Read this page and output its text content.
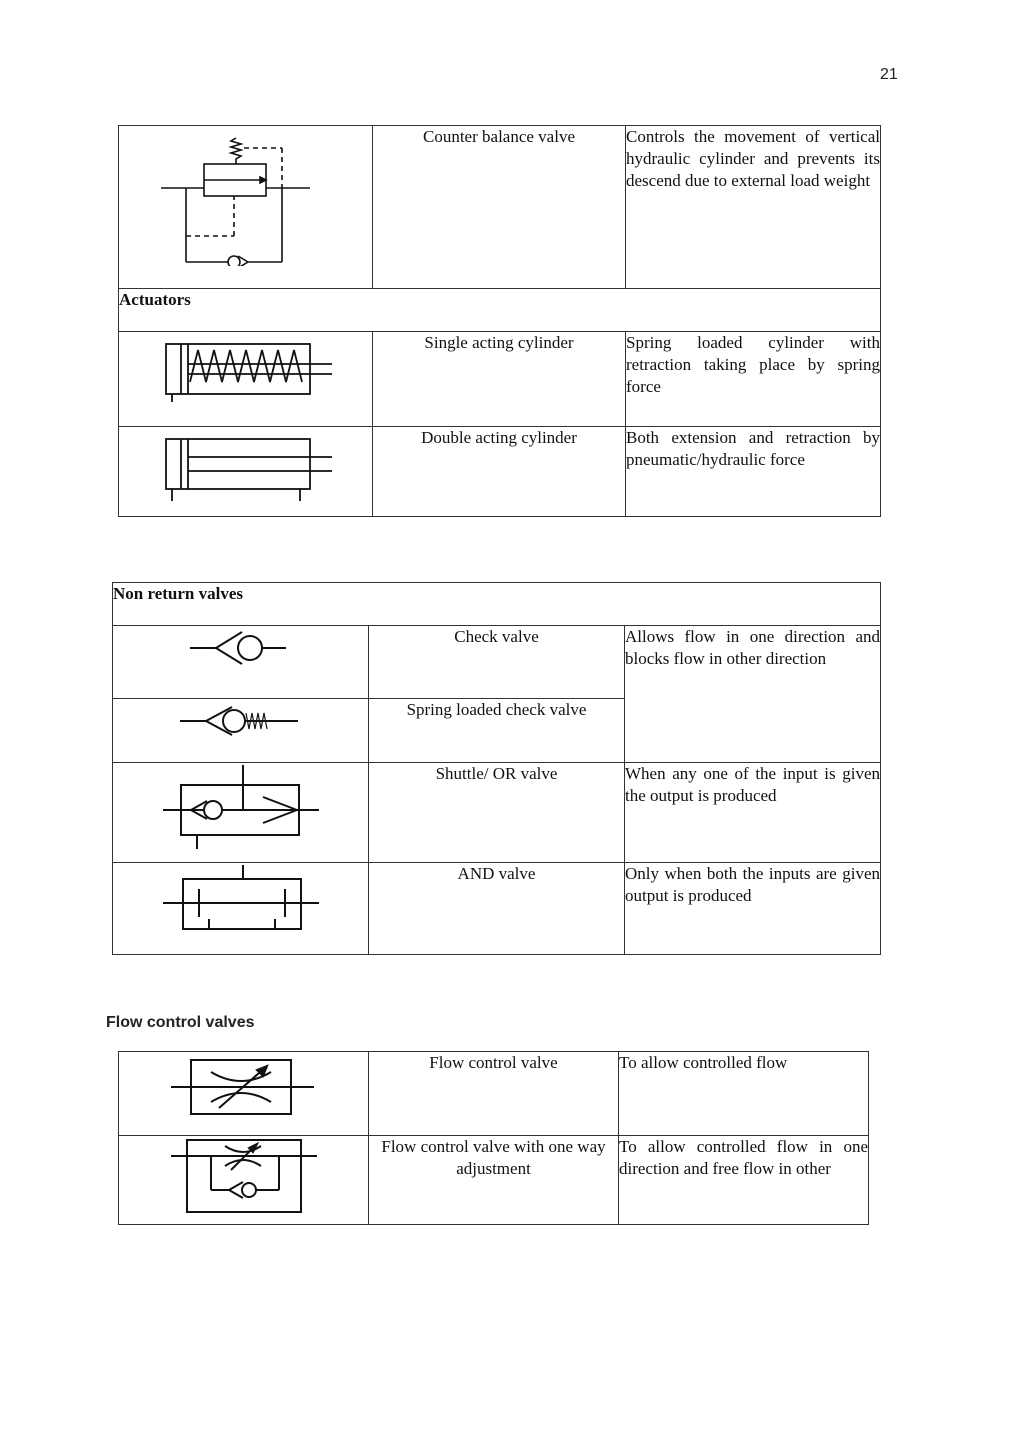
21
	Counter balance valve	Controls the movement of vertical hydraulic cylinder and prevents its descend due to external load weight
Actuators		

	Single acting cylinder	Spring loaded cylinder with retraction taking place by spring force

	Double acting cylinder	Both extension and retraction by pneumatic/hydraulic force
Non return valves		

	Check valve	Allows flow in one direction and blocks flow in other direction

	Spring loaded check valve	

	Shuttle/ OR valve	When any one of the input is given the output is produced

	AND valve	Only when both the inputs are given output is produced
Flow control valves
	Flow control valve	To allow controlled flow

	Flow control valve with one way adjustment	To allow controlled flow in one direction and free flow in other
